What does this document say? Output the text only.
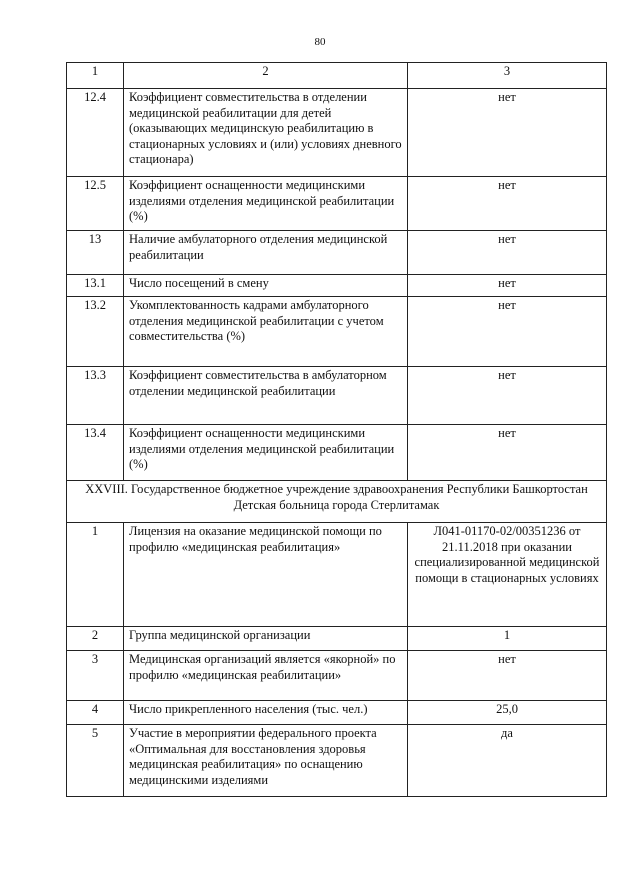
80
1	2	3
12.4	Коэффициент совместительства в отделении медицинской реабилитации для детей (оказывающих медицинскую реабилитацию в стационарных условиях и (или) условиях дневного стационара)	нет
12.5	Коэффициент оснащенности медицинскими изделиями отделения медицинской реабилитации (%)	нет
13	Наличие амбулаторного отделения медицинской реабилитации	нет
13.1	Число посещений в смену	нет
13.2	Укомплектованность кадрами амбулаторного отделения медицинской реабилитации с учетом совместительства (%)	нет
13.3	Коэффициент совместительства в амбулаторном отделении медицинской реабилитации	нет
13.4	Коэффициент оснащенности медицинскими изделиями отделения медицинской реабилитации (%)	нет
XXVIII. Государственное бюджетное учреждение здравоохранения Республики Башкортостан Детская больница города Стерлитамак		
1	Лицензия на оказание медицинской помощи по профилю «медицинская реабилитация»	Л041-01170-02/00351236 от 21.11.2018 при оказании специализированной медицинской помощи в стационарных условиях
2	Группа медицинской организации	1
3	Медицинская организаций является «якорной» по профилю «медицинская реабилитации»	нет
4	Число прикрепленного населения (тыс. чел.)	25,0
5	Участие в мероприятии федерального проекта «Оптимальная для восстановления здоровья медицинская реабилитация» по оснащению медицинскими изделиями	да
